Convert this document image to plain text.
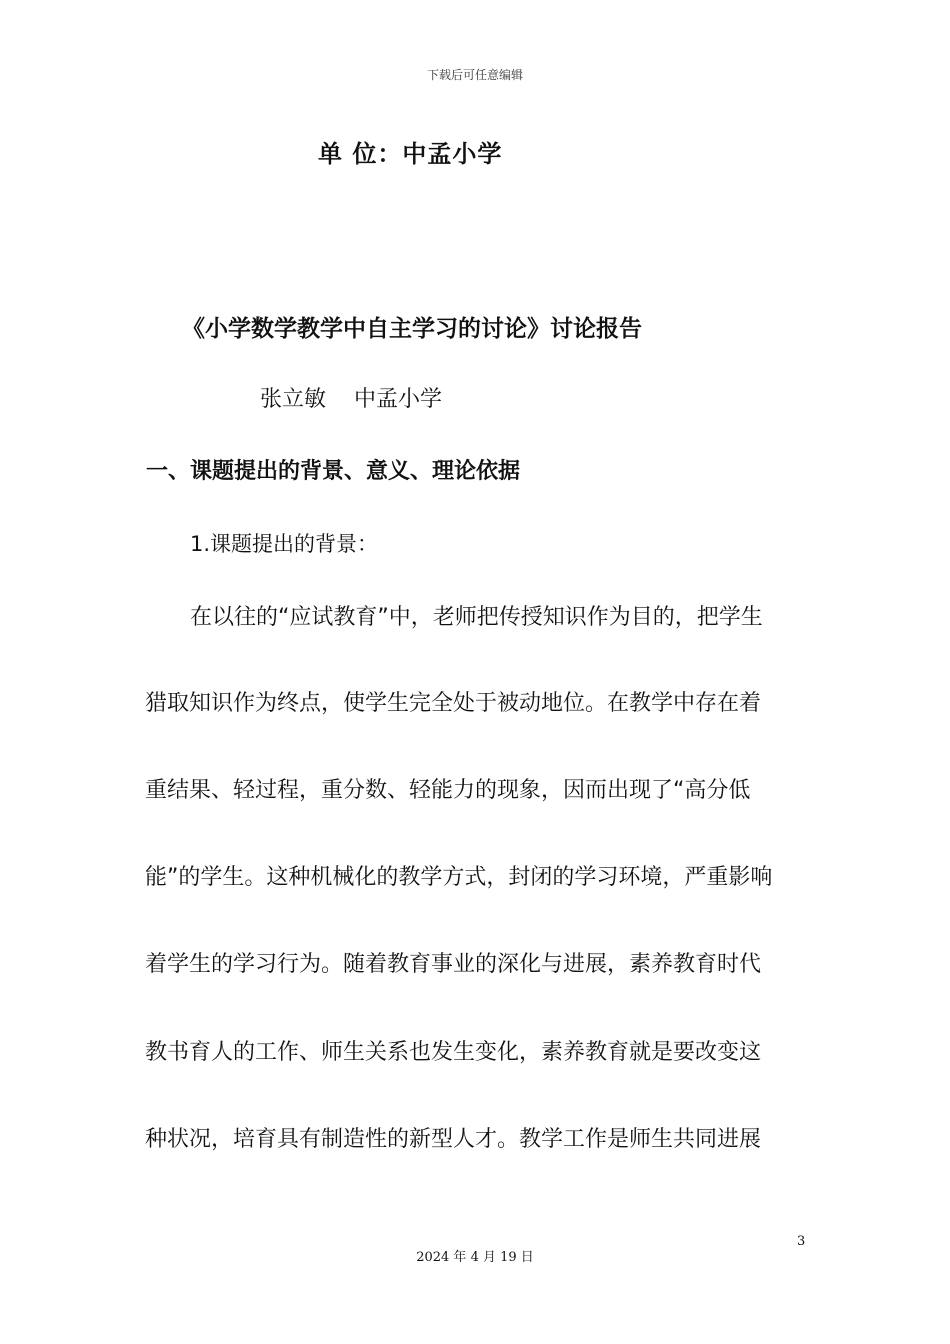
下载后可任意编辑
单 位：中孟小学
《小学数学教学中自主学习的讨论》讨论报告
张立敏 中孟小学
一、课题提出的背景、意义、理论依据
1.课题提出的背景：
在以往的“应试教育”中，老师把传授知识作为目的，把学生
猎取知识作为终点，使学生完全处于被动地位。在教学中存在着
重结果、轻过程，重分数、轻能力的现象，因而出现了“高分低
能”的学生。这种机械化的教学方式，封闭的学习环境，严重影响
着学生的学习行为。随着教育事业的深化与进展，素养教育时代
教书育人的工作、师生关系也发生变化，素养教育就是要改变这
种状况，培育具有制造性的新型人才。教学工作是师生共同进展
3
2024 年 4 月 19 日
